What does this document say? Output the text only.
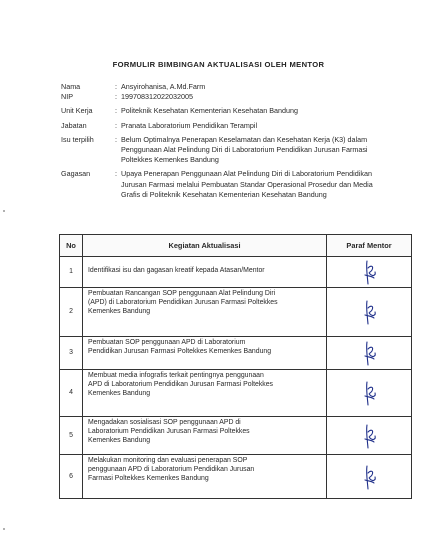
FORMULIR BIMBINGAN AKTUALISASI OLEH MENTOR
Nama	: Ansyirohanisa, A.Md.Farm
NIP	: 199708312022032005
Unit Kerja	: Politeknik Kesehatan Kementerian Kesehatan Bandung
Jabatan	: Pranata Laboratorium Pendidikan Terampil
Isu terpilih	: Belum Optimalnya Penerapan Keselamatan dan Kesehatan Kerja (K3) dalam
Penggunaan Alat Pelindung Diri di Laboratorium Pendidikan Jurusan Farmasi
Poltekkes Kemenkes Bandung
Gagasan	: Upaya Penerapan Penggunaan Alat Pelindung Diri di Laboratorium Pendidikan
Jurusan Farmasi melalui Pembuatan Standar Operasional Prosedur dan Media
Grafis di Politeknik Kesehatan Kementerian Kesehatan Bandung
No	Kegiatan Aktualisasi	Paraf Mentor
1	Identifikasi isu dan gagasan kreatif kepada Atasan/Mentor

2	Pembuatan Rancangan SOP penggunaan Alat Pelindung Diri
(APD) di Laboratorium Pendidikan Jurusan Farmasi Poltekkes
Kemenkes Bandung

3	Pembuatan SOP penggunaan APD di Laboratorium
Pendidikan Jurusan Farmasi Poltekkes Kemenkes Bandung

4	Membuat media infografis terkait pentingnya penggunaan
APD di Laboratorium Pendidikan Jurusan Farmasi Poltekkes
Kemenkes Bandung

5	Mengadakan sosialisasi SOP penggunaan APD di
Laboratorium Pendidikan Jurusan Farmasi Poltekkes
Kemenkes Bandung

6	Melakukan monitoring dan evaluasi penerapan SOP
penggunaan APD di Laboratorium Pendidikan Jurusan
Farmasi Poltekkes Kemenkes Bandung
